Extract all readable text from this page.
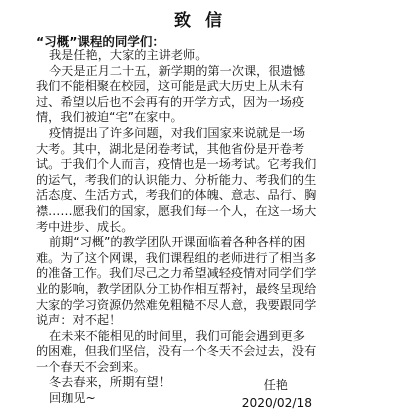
致 信
“习概”课程的同学们：
我是任艳，大家的主讲老师。
今天是正月二十五，新学期的第一次课，很遗憾
我们不能相聚在校园，这可能是武大历史上从未有
过、希望以后也不会再有的开学方式，因为一场疫
情，我们被迫“宅”在家中。
疫情提出了许多问题，对我们国家来说就是一场
大考。其中，湖北是闭卷考试，其他省份是开卷考
试。于我们个人而言，疫情也是一场考试。它考我们
的运气，考我们的认识能力、分析能力、考我们的生
活态度、生活方式，考我们的体魄、意志、品行、胸
襟……愿我们的国家，愿我们每一个人，在这一场大
考中进步、成长。
前期“习概”的教学团队开课面临着各种各样的困
难。为了这个网课，我们课程组的老师进行了相当多
的准备工作。我们尽己之力希望减轻疫情对同学们学
业的影响，教学团队分工协作相互帮衬，最终呈现给
大家的学习资源仍然难免粗糙不尽人意，我要跟同学
说声：对不起！
在未来不能相见的时间里，我们可能会遇到更多
的困难，但我们坚信，没有一个冬天不会过去，没有
一个春天不会到来。
冬去春来，所期有望！
回珈见~
任艳
2020/02/18
